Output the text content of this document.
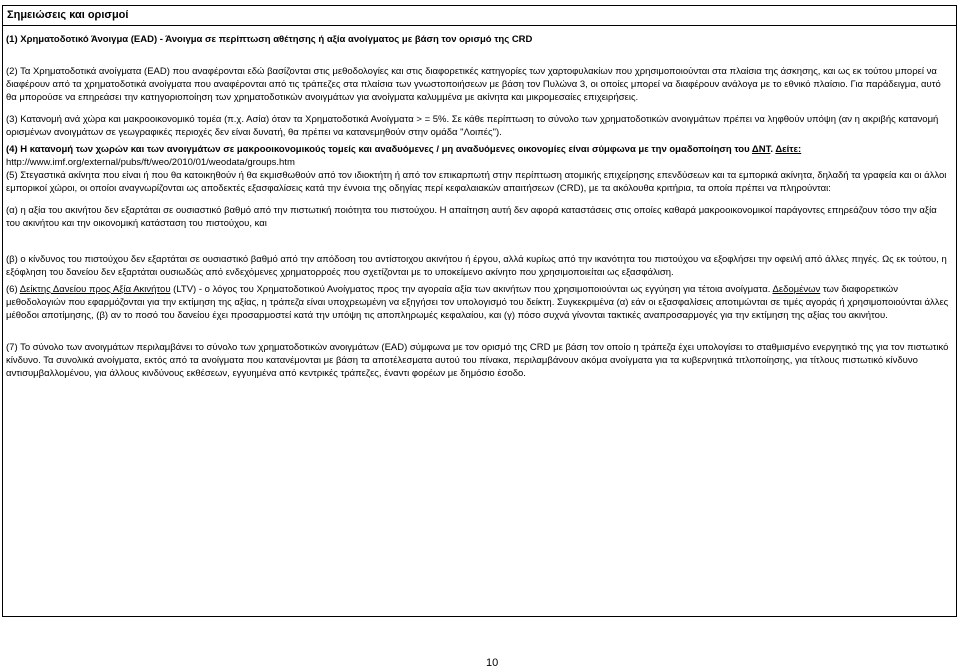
Σημειώσεις και ορισμοί

(1) Χρηματοδοτικό Άνοιγμα (EAD) - Άνοιγμα σε περίπτωση αθέτησης ή αξία ανοίγματος με βάση τον ορισμό της CRD

(2) Τα Χρηματοδοτικά ανοίγματα (EAD) που αναφέρονται εδώ βασίζονται στις μεθοδολογίες και στις διαφορετικές κατηγορίες των χαρτοφυλακίων που χρησιμοποιούνται στα πλαίσια της άσκησης, και ως εκ τούτου μπορεί να διαφέρουν από τα χρηματοδοτικά ανοίγματα που αναφέρονται από τις τράπεζες στα πλαίσια των γνωστοποιήσεων με βάση τον Πυλώνα 3, οι οποίες μπορεί να διαφέρουν ανάλογα με το εθνικό πλαίσιο. Για παράδειγμα, αυτό θα μπορούσε να επηρεάσει την κατηγοριοποίηση των χρηματοδοτικών ανοιγμάτων για ανοίγματα καλυμμένα με ακίνητα και μικρομεσαίες επιχειρήσεις.

(3) Κατανομή ανά χώρα και μακροοικονομικό τομέα (π.χ. Ασία) όταν τα Χρηματοδοτικά Ανοίγματα > = 5%. Σε κάθε περίπτωση το σύνολο των χρηματοδοτικών ανοιγμάτων πρέπει να ληφθούν υπόψη (αν η ακριβής κατανομή ορισμένων ανοιγμάτων σε γεωγραφικές περιοχές δεν είναι δυνατή, θα πρέπει να κατανεμηθούν στην ομάδα "Λοιπές").

(4) Η κατανομή των χωρών και των ανοιγμάτων σε μακροοικονομικούς τομείς και αναδυόμενες / μη αναδυόμενες οικονομίες είναι σύμφωνα με την ομαδοποίηση του ΔΝΤ. Δείτε:

http://www.imf.org/external/pubs/ft/weo/2010/01/weodata/groups.htm

(5) Στεγαστικά ακίνητα που είναι ή που θα κατοικηθούν ή θα εκμισθωθούν από τον ιδιοκτήτη ή από τον επικαρπωτή στην περίπτωση ατομικής επιχείρησης επενδύσεων και τα εμπορικά ακίνητα, δηλαδή τα γραφεία και οι άλλοι εμπορικοί χώροι, οι οποίοι αναγνωρίζονται ως αποδεκτές εξασφαλίσεις κατά την έννοια της οδηγίας περί κεφαλαιακών απαιτήσεων (CRD), με τα ακόλουθα κριτήρια, τα οποία πρέπει να πληρούνται:

(α) η αξία του ακινήτου δεν εξαρτάται σε ουσιαστικό βαθμό από την πιστωτική ποιότητα του πιστούχου. Η απαίτηση αυτή δεν αφορά καταστάσεις στις οποίες καθαρά μακροοικονομικοί παράγοντες επηρεάζουν τόσο την αξία του ακινήτου και την οικονομική κατάσταση του πιστούχου, και

(β) ο κίνδυνος του πιστούχου δεν εξαρτάται σε ουσιαστικό βαθμό από την απόδοση του αντίστοιχου ακινήτου ή έργου, αλλά κυρίως από την ικανότητα του πιστούχου να εξοφλήσει την οφειλή από άλλες πηγές. Ως εκ τούτου, η εξόφληση του δανείου δεν εξαρτάται ουσιωδώς από ενδεχόμενες χρηματορροές που σχετίζονται με το υποκείμενο ακίνητο που χρησιμοποιείται ως εξασφάλιση.

(6) Δείκτης Δανείου προς Αξία Ακινήτου (LTV) - ο λόγος του Χρηματοδοτικού Ανοίγματος προς την αγοραία αξία των ακινήτων που χρησιμοποιούνται ως εγγύηση για τέτοια ανοίγματα. Δεδομένων των διαφορετικών μεθοδολογιών που εφαρμόζονται για την εκτίμηση της αξίας, η τράπεζα είναι υποχρεωμένη να εξηγήσει τον υπολογισμό του δείκτη. Συγκεκριμένα (α) εάν οι εξασφαλίσεις αποτιμώνται σε τιμές αγοράς ή χρησιμοποιούνται άλλες μέθοδοι αποτίμησης, (β) αν το ποσό του δανείου έχει προσαρμοστεί κατά την υπόψη τις αποπληρωμές κεφαλαίου, και (γ) πόσο συχνά γίνονται τακτικές αναπροσαρμογές για την εκτίμηση της αξίας του ακινήτου.

(7) Το σύνολο των ανοιγμάτων περιλαμβάνει το σύνολο των χρηματοδοτικών ανοιγμάτων (EAD) σύμφωνα με τον ορισμό της CRD με βάση τον οποίο η τράπεζα έχει υπολογίσει το σταθμισμένο ενεργητικό της για τον πιστωτικό κίνδυνο. Τα συνολικά ανοίγματα, εκτός από τα ανοίγματα που κατανέμονται με βάση τα αποτέλεσματα αυτού του πίνακα, περιλαμβάνουν ακόμα ανοίγματα για τα κυβερνητικά τιτλοποίησης, για τίτλους πιστωτικό κίνδυνο αντισυμβαλλομένου, για άλλους κινδύνους εκθέσεων, εγγυημένα από κεντρικές τράπεζες, έναντι φορέων με δημόσιο έσοδο.

10
